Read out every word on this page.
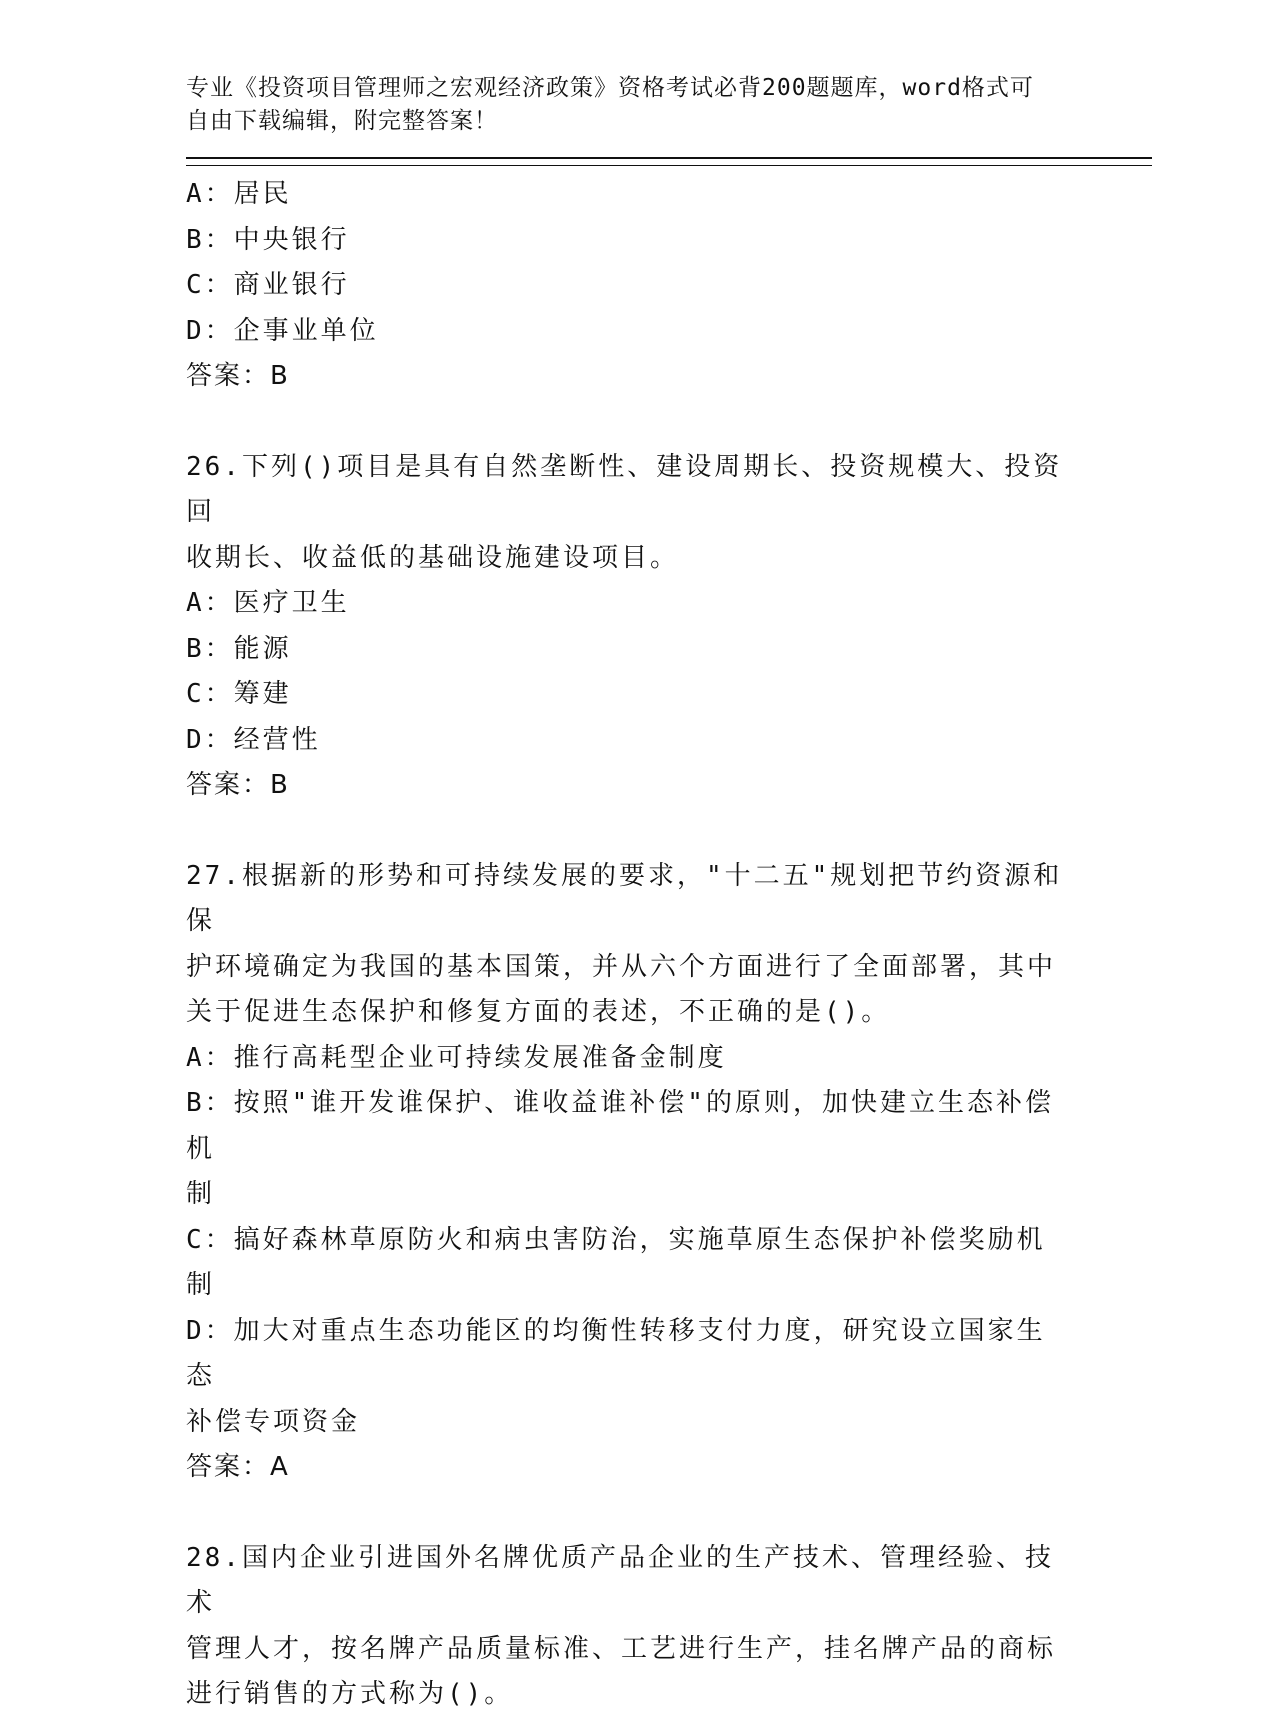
专业《投资项目管理师之宏观经济政策》资格考试必背200题题库，word格式可
自由下载编辑，附完整答案！
A：居民
B：中央银行
C：商业银行
D：企事业单位
答案：B
26.下列()项目是具有自然垄断性、建设周期长、投资规模大、投资回
收期长、收益低的基础设施建设项目。
A：医疗卫生
B：能源
C：筹建
D：经营性
答案：B
27.根据新的形势和可持续发展的要求，"十二五"规划把节约资源和保
护环境确定为我国的基本国策，并从六个方面进行了全面部署，其中
关于促进生态保护和修复方面的表述，不正确的是()。
A：推行高耗型企业可持续发展准备金制度
B：按照"谁开发谁保护、谁收益谁补偿"的原则，加快建立生态补偿机
制
C：搞好森林草原防火和病虫害防治，实施草原生态保护补偿奖励机制
D：加大对重点生态功能区的均衡性转移支付力度，研究设立国家生态
补偿专项资金
答案：A
28.国内企业引进国外名牌优质产品企业的生产技术、管理经验、技术
管理人才，按名牌产品质量标准、工艺进行生产，挂名牌产品的商标
进行销售的方式称为()。
